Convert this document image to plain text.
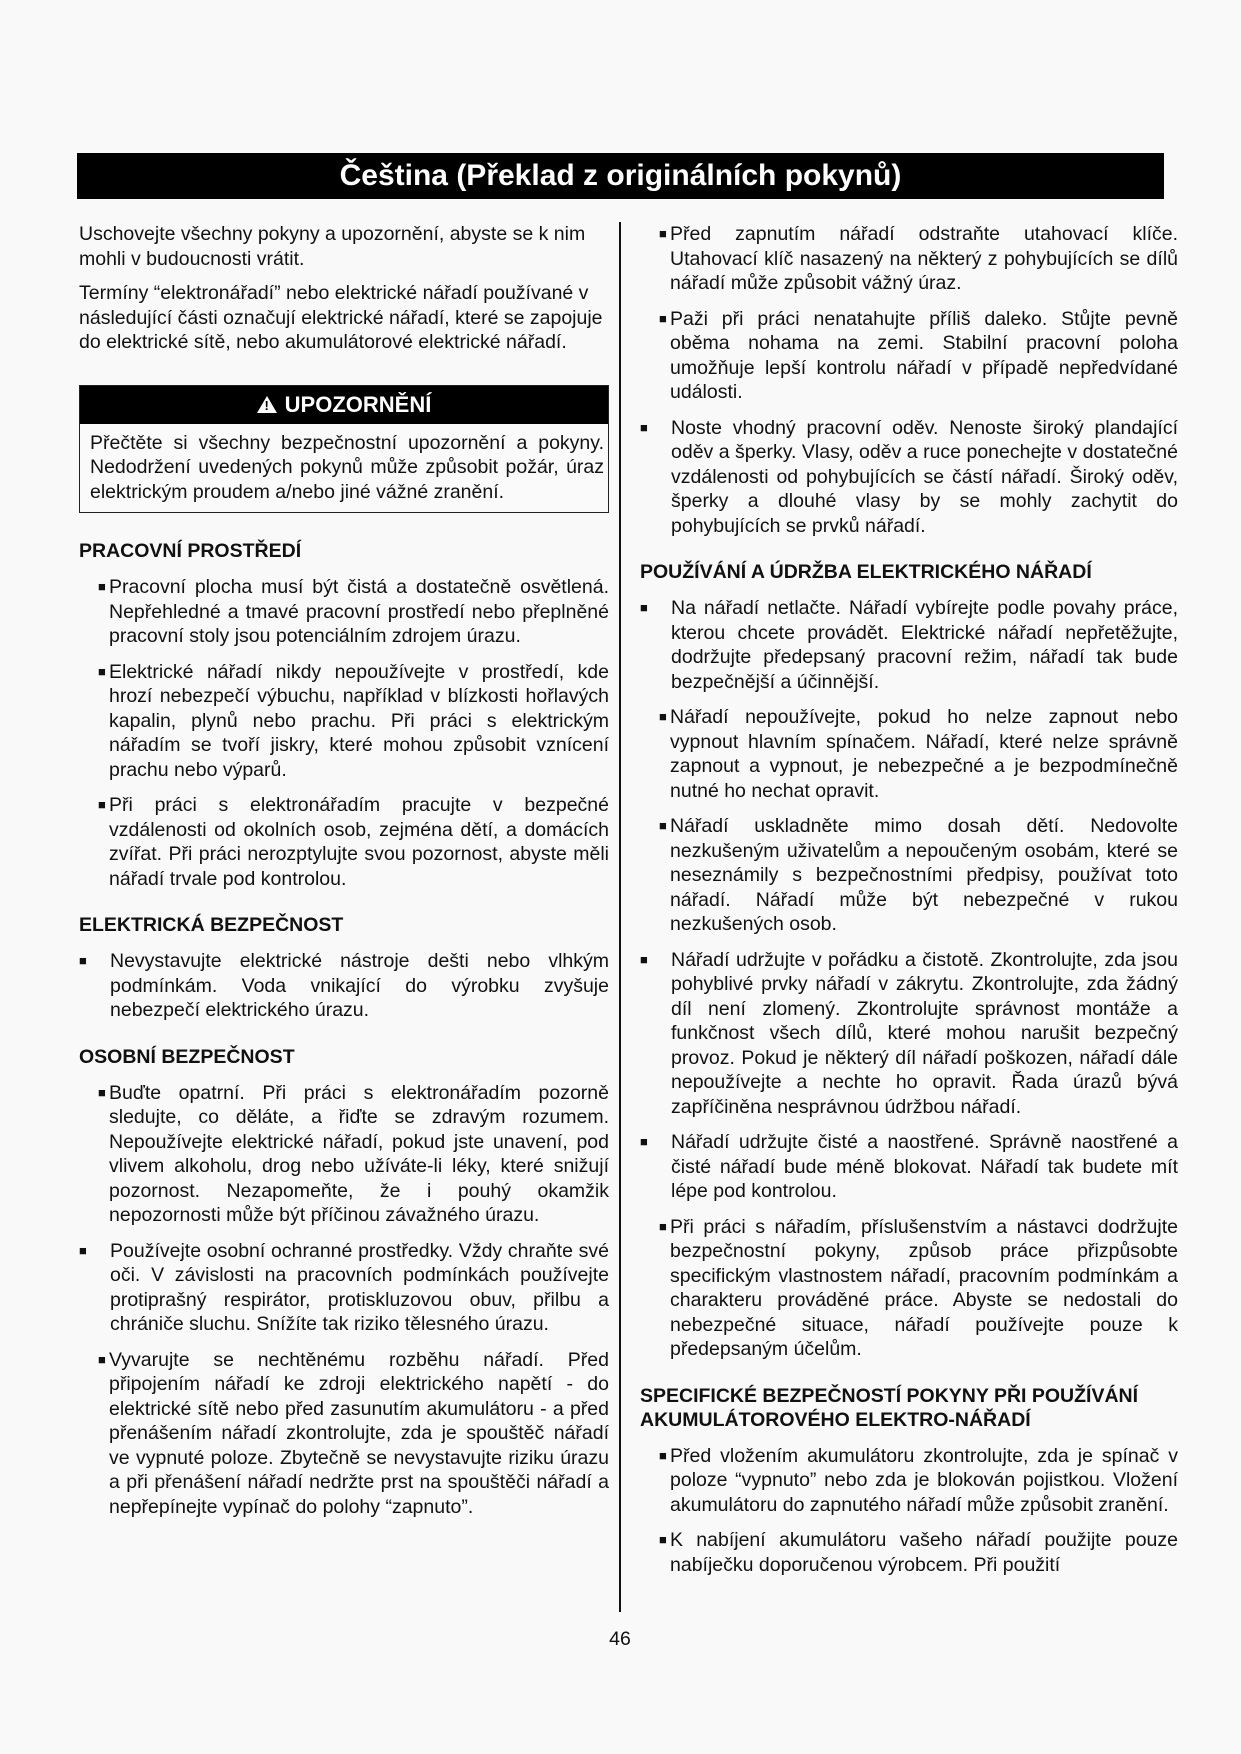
Čeština (Překlad z originálních pokynů)

Uschovejte všechny pokyny a upozornění, abyste se k nim mohli v budoucnosti vrátit.

Termíny “elektronářadí” nebo elektrické nářadí používané v následující části označují elektrické nářadí, které se zapojuje do elektrické sítě, nebo akumulátorové elektrické nářadí.

! UPOZORNĚNÍ
Přečtěte si všechny bezpečnostní upozornění a pokyny. Nedodržení uvedených pokynů může způsobit požár, úraz elektrickým proudem a/nebo jiné vážné zranění.
PRACOVNÍ PROSTŘEDÍ
■ Pracovní plocha musí být čistá a dostatečně osvětlená. Nepřehledné a tmavé pracovní prostředí nebo přeplněné pracovní stoly jsou potenciálním zdrojem úrazu.
■ Elektrické nářadí nikdy nepoužívejte v prostředí, kde hrozí nebezpečí výbuchu, například v blízkosti hořlavých kapalin, plynů nebo prachu. Při práci s elektrickým nářadím se tvoří jiskry, které mohou způsobit vznícení prachu nebo výparů.
■ Při práci s elektronářadím pracujte v bezpečné vzdálenosti od okolních osob, zejména dětí, a domácích zvířat. Při práci nerozptylujte svou pozornost, abyste měli nářadí trvale pod kontrolou.
ELEKTRICKÁ BEZPEČNOST
■ Nevystavujte elektrické nástroje dešti nebo vlhkým podmínkám. Voda vnikající do výrobku zvyšuje nebezpečí elektrického úrazu.
OSOBNÍ BEZPEČNOST
■ Buďte opatrní. Při práci s elektronářadím pozorně sledujte, co děláte, a řiďte se zdravým rozumem. Nepoužívejte elektrické nářadí, pokud jste unavení, pod vlivem alkoholu, drog nebo užíváte-li léky, které snižují pozornost. Nezapomeňte, že i pouhý okamžik nepozornosti může být příčinou závažného úrazu.
■ Používejte osobní ochranné prostředky. Vždy chraňte své oči. V závislosti na pracovních podmínkách používejte protiprašný respirátor, protiskluzovou obuv, přilbu a chrániče sluchu. Snížíte tak riziko tělesného úrazu.
■ Vyvarujte se nechtěnému rozběhu nářadí. Před připojením nářadí ke zdroji elektrického napětí - do elektrické sítě nebo před zasunutím akumulátoru - a před přenášením nářadí zkontrolujte, zda je spouštěč nářadí ve vypnuté poloze. Zbytečně se nevystavujte riziku úrazu a při přenášení nářadí nedržte prst na spouštěči nářadí a nepřepínejte vypínač do polohy “zapnuto”.
■ Před zapnutím nářadí odstraňte utahovací klíče. Utahovací klíč nasazený na některý z pohybujících se dílů nářadí může způsobit vážný úraz.
■ Paži při práci nenatahujte příliš daleko. Stůjte pevně oběma nohama na zemi. Stabilní pracovní poloha umožňuje lepší kontrolu nářadí v případě nepředvídané události.
■ Noste vhodný pracovní oděv. Nenoste široký plandající oděv a šperky. Vlasy, oděv a ruce ponechejte v dostatečné vzdálenosti od pohybujících se částí nářadí. Široký oděv, šperky a dlouhé vlasy by se mohly zachytit do pohybujících se prvků nářadí.
POUŽÍVÁNÍ A ÚDRŽBA ELEKTRICKÉHO NÁŘADÍ
■ Na nářadí netlačte. Nářadí vybírejte podle povahy práce, kterou chcete provádět. Elektrické nářadí nepřetěžujte, dodržujte předepsaný pracovní režim, nářadí tak bude bezpečnější a účinnější.
■ Nářadí nepoužívejte, pokud ho nelze zapnout nebo vypnout hlavním spínačem. Nářadí, které nelze správně zapnout a vypnout, je nebezpečné a je bezpodmínečně nutné ho nechat opravit.
■ Nářadí uskladněte mimo dosah dětí. Nedovolte nezkušeným uživatelům a nepoučeným osobám, které se neseznámily s bezpečnostními předpisy, používat toto nářadí. Nářadí může být nebezpečné v rukou nezkušených osob.
■ Nářadí udržujte v pořádku a čistotě. Zkontrolujte, zda jsou pohyblivé prvky nářadí v zákrytu. Zkontrolujte, zda žádný díl není zlomený. Zkontrolujte správnost montáže a funkčnost všech dílů, které mohou narušit bezpečný provoz. Pokud je některý díl nářadí poškozen, nářadí dále nepoužívejte a nechte ho opravit. Řada úrazů bývá zapříčiněna nesprávnou údržbou nářadí.
■ Nářadí udržujte čisté a naostřené. Správně naostřené a čisté nářadí bude méně blokovat. Nářadí tak budete mít lépe pod kontrolou.
■ Při práci s nářadím, příslušenstvím a nástavci dodržujte bezpečnostní pokyny, způsob práce přizpůsobte specifickým vlastnostem nářadí, pracovním podmínkám a charakteru prováděné práce. Abyste se nedostali do nebezpečné situace, nářadí používejte pouze k předepsaným účelům.
SPECIFICKÉ BEZPEČNOSTÍ POKYNY PŘI POUŽÍVÁNÍ AKUMULÁTOROVÉHO ELEKTRO-NÁŘADÍ
■ Před vložením akumulátoru zkontrolujte, zda je spínač v poloze “vypnuto” nebo zda je blokován pojistkou. Vložení akumulátoru do zapnutého nářadí může způsobit zranění.
■ K nabíjení akumulátoru vašeho nářadí použijte pouze nabíječku doporučenou výrobcem. Při použití
46
